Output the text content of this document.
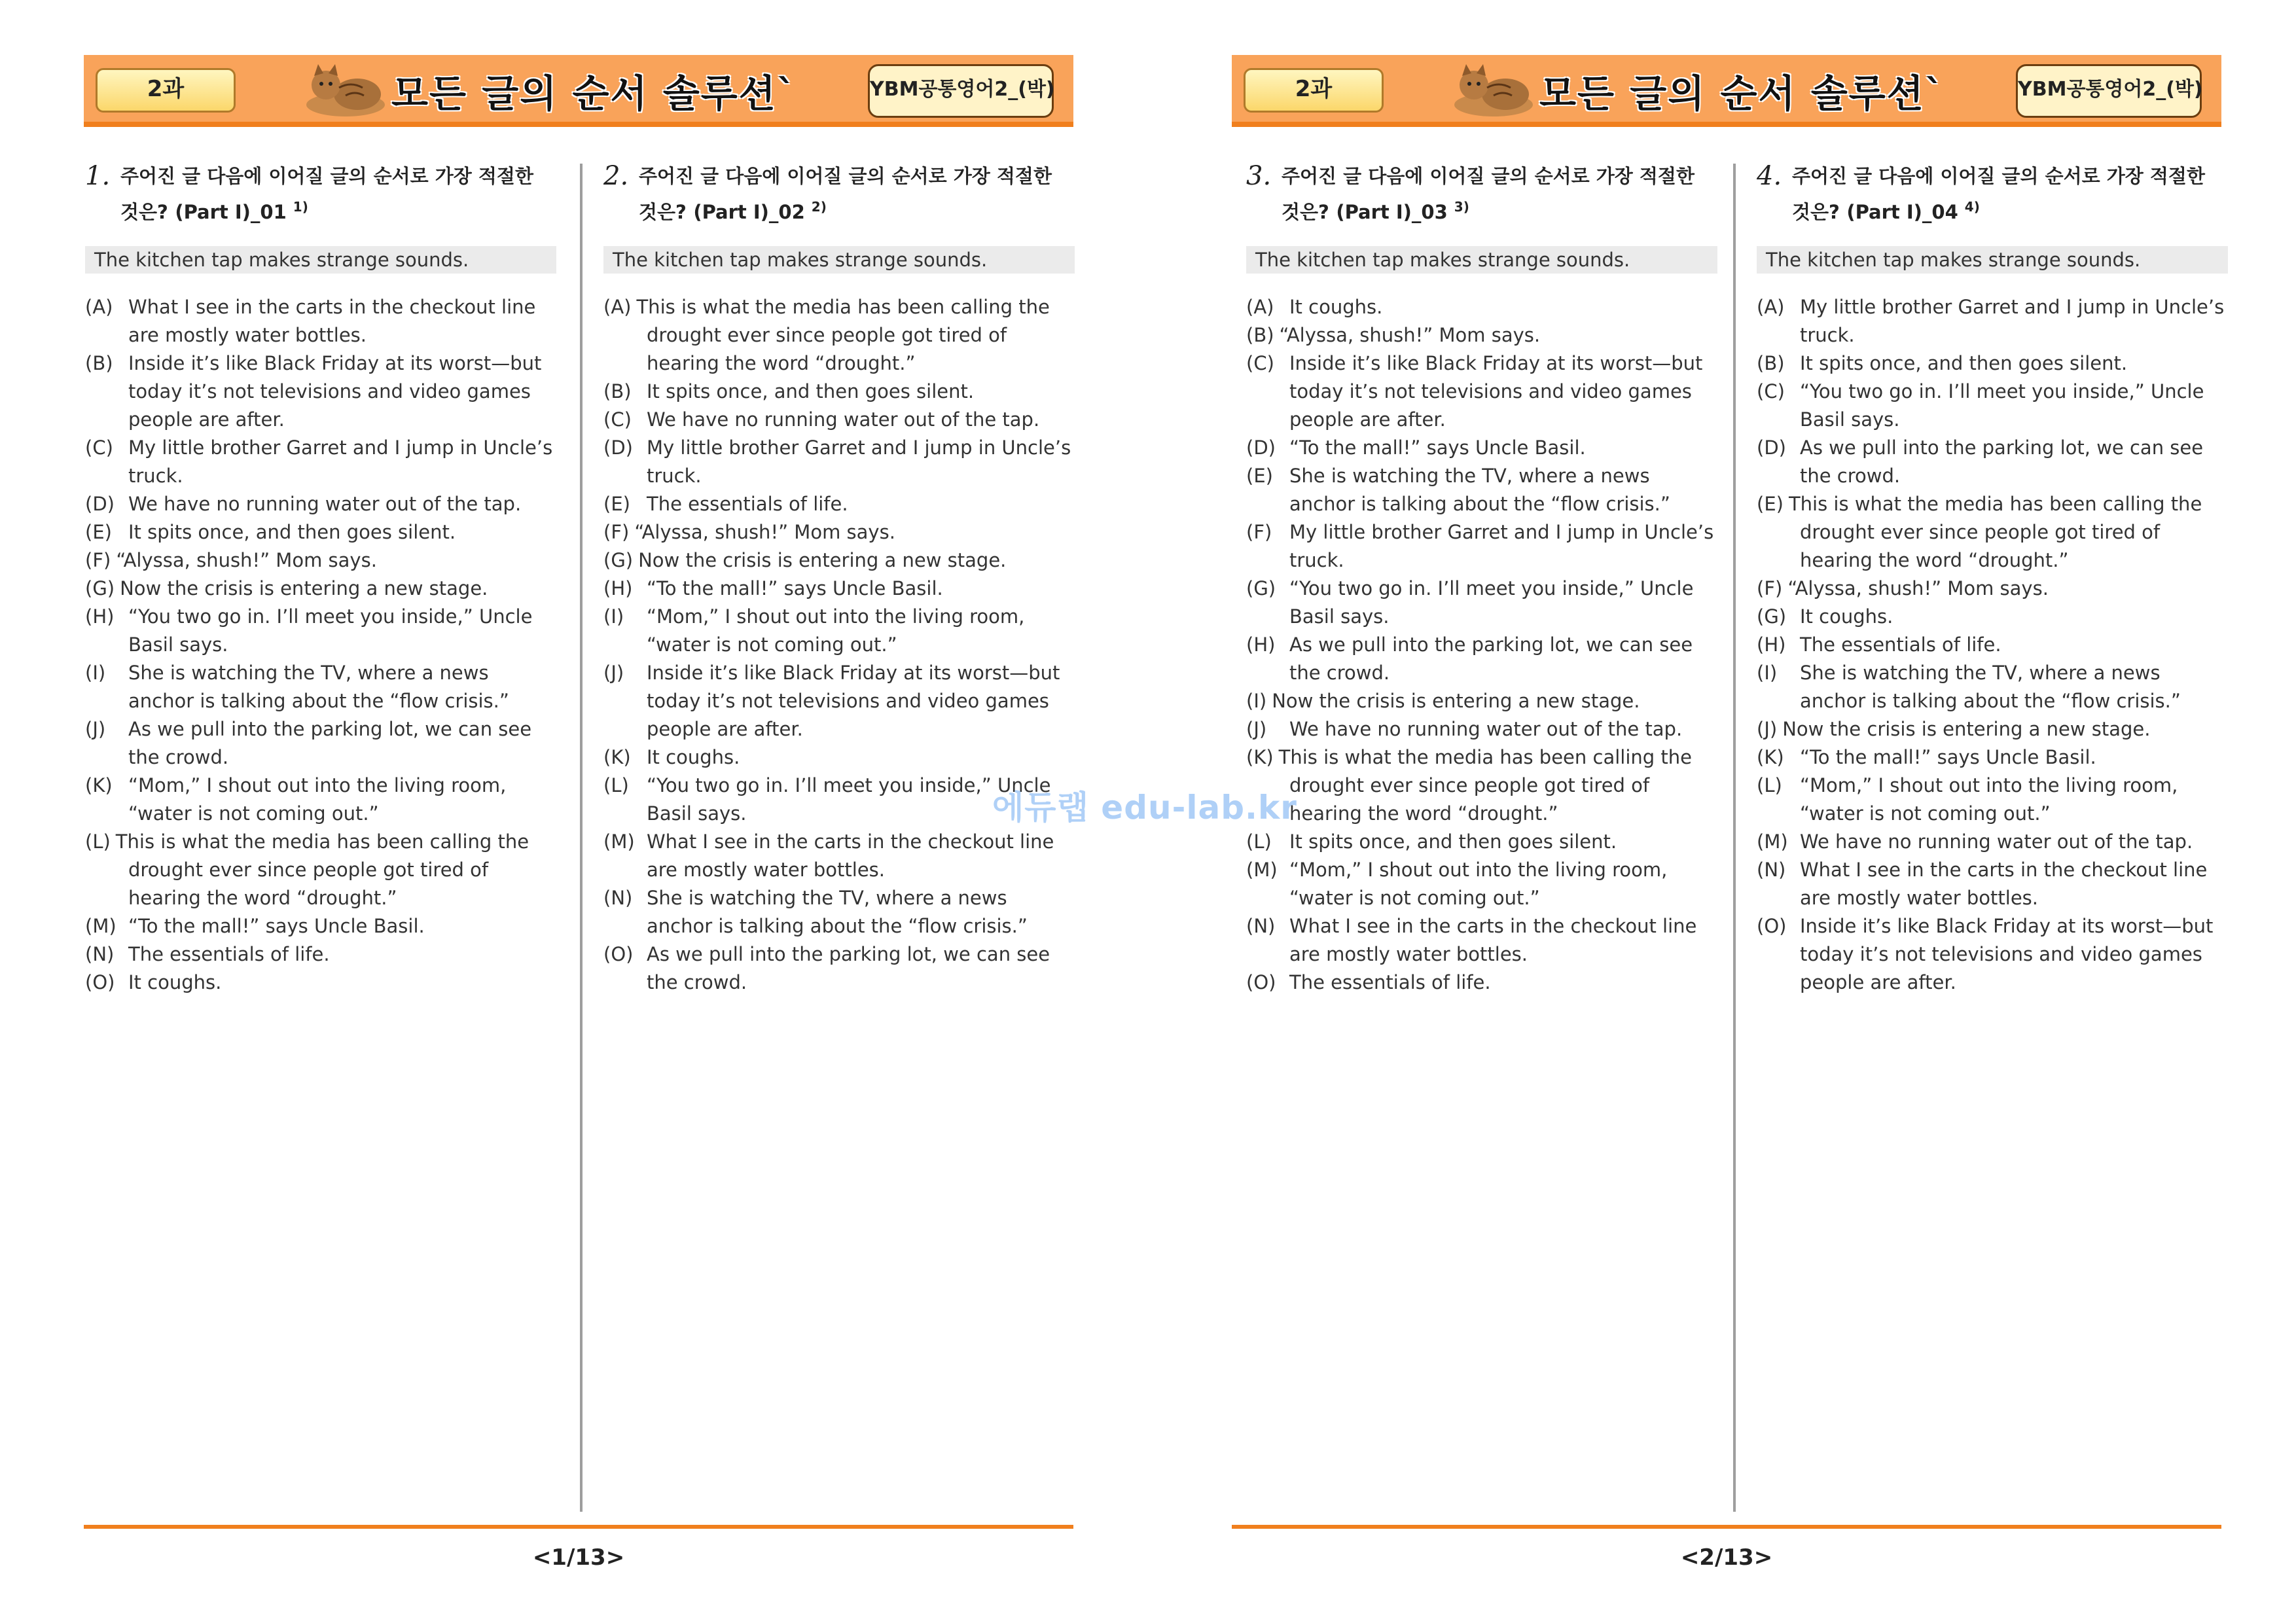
2과	모든 글의 순서 솔루션`	YBM공통영어2_(박)
1. 주어진 글 다음에 이어질 글의 순서로 가장 적절한 것은? (Part I)_01 $^{1)}$
The kitchen tap makes strange sounds.
(A) What I see in the carts in the checkout line are mostly water bottles.
(B) Inside it’s like Black Friday at its worst—but today it’s not televisions and video games people are after.
(C) My little brother Garret and I jump in Uncle’s truck.
(D) We have no running water out of the tap.
(E) It spits once, and then goes silent.
(F) “Alyssa, shush!” Mom says.
(G) Now the crisis is entering a new stage.
(H) “You two go in. I’ll meet you inside,” Uncle Basil says.
(I) She is watching the TV, where a news anchor is talking about the “flow crisis.”
(J) As we pull into the parking lot, we can see the crowd.
(K) “Mom,” I shout out into the living room, “water is not coming out.”
(L) This is what the media has been calling the drought ever since people got tired of hearing the word “drought.”
(M) “To the mall!” says Uncle Basil.
(N) The essentials of life.
(O) It coughs.
2. 주어진 글 다음에 이어질 글의 순서로 가장 적절한 것은? (Part I)_02 $^{2)}$
The kitchen tap makes strange sounds.
(A) This is what the media has been calling the drought ever since people got tired of hearing the word “drought.”
(B) It spits once, and then goes silent.
(C) We have no running water out of the tap.
(D) My little brother Garret and I jump in Uncle’s truck.
(E) The essentials of life.
(F) “Alyssa, shush!” Mom says.
(G) Now the crisis is entering a new stage.
(H) “To the mall!” says Uncle Basil.
(I) “Mom,” I shout out into the living room, “water is not coming out.”
(J) Inside it’s like Black Friday at its worst—but today it’s not televisions and video games people are after.
(K) It coughs.
(L) “You two go in. I’ll meet you inside,” Uncle Basil says.
(M) What I see in the carts in the checkout line are mostly water bottles.
(N) She is watching the TV, where a news anchor is talking about the “flow crisis.”
(O) As we pull into the parking lot, we can see the crowd.
<1/13>
2과	모든 글의 순서 솔루션`	YBM공통영어2_(박)
3. 주어진 글 다음에 이어질 글의 순서로 가장 적절한 것은? (Part I)_03 $^{3)}$
The kitchen tap makes strange sounds.
(A) It coughs.
(B) “Alyssa, shush!” Mom says.
(C) Inside it’s like Black Friday at its worst—but today it’s not televisions and video games people are after.
(D) “To the mall!” says Uncle Basil.
(E) She is watching the TV, where a news anchor is talking about the “flow crisis.”
(F) My little brother Garret and I jump in Uncle’s truck.
(G) “You two go in. I’ll meet you inside,” Uncle Basil says.
(H) As we pull into the parking lot, we can see the crowd.
(I) Now the crisis is entering a new stage.
(J) We have no running water out of the tap.
(K) This is what the media has been calling the drought ever since people got tired of hearing the word “drought.”
(L) It spits once, and then goes silent.
(M) “Mom,” I shout out into the living room, “water is not coming out.”
(N) What I see in the carts in the checkout line are mostly water bottles.
(O) The essentials of life.
4. 주어진 글 다음에 이어질 글의 순서로 가장 적절한 것은? (Part I)_04 $^{4)}$
The kitchen tap makes strange sounds.
(A) My little brother Garret and I jump in Uncle’s truck.
(B) It spits once, and then goes silent.
(C) “You two go in. I’ll meet you inside,” Uncle Basil says.
(D) As we pull into the parking lot, we can see the crowd.
(E) This is what the media has been calling the drought ever since people got tired of hearing the word “drought.”
(F) “Alyssa, shush!” Mom says.
(G) It coughs.
(H) The essentials of life.
(I) She is watching the TV, where a news anchor is talking about the “flow crisis.”
(J) Now the crisis is entering a new stage.
(K) “To the mall!” says Uncle Basil.
(L) “Mom,” I shout out into the living room, “water is not coming out.”
(M) We have no running water out of the tap.
(N) What I see in the carts in the checkout line are mostly water bottles.
(O) Inside it’s like Black Friday at its worst—but today it’s not televisions and video games people are after.
<2/13>
에듀랩 edu-lab.kr
